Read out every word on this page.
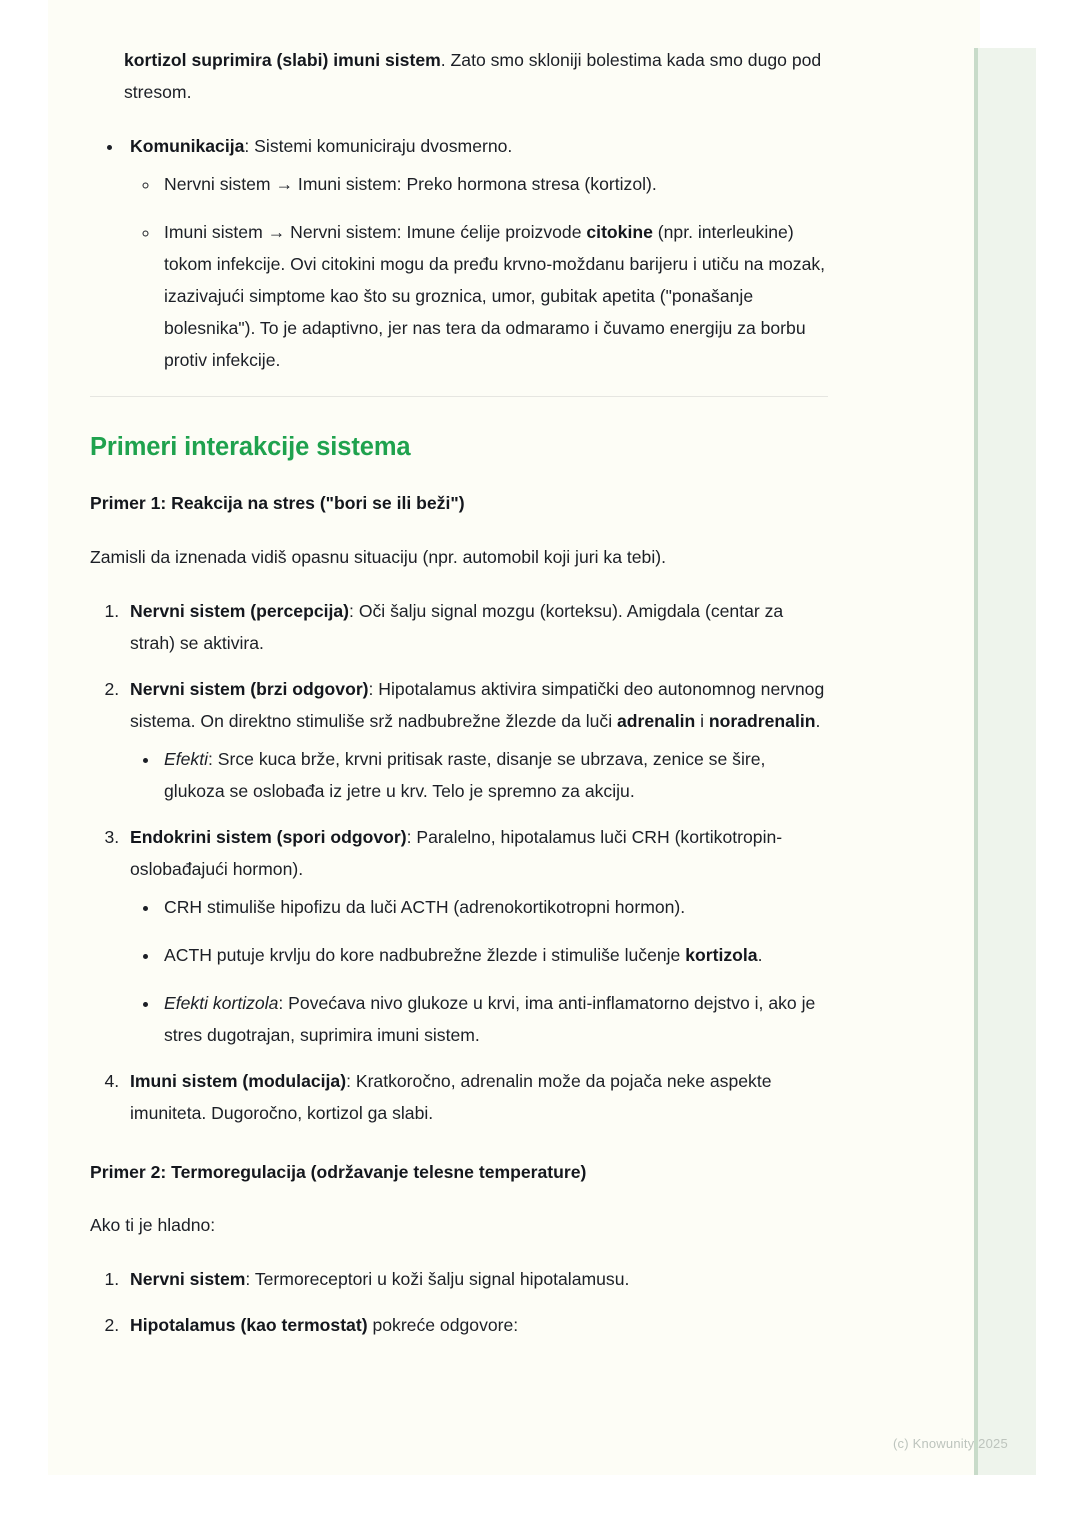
kortizol suprimira (slabi) imuni sistem. Zato smo skloniji bolestima kada smo dugo pod stresom.

• Komunikacija: Sistemi komuniciraju dvosmerno.
◦ Nervni sistem → Imuni sistem: Preko hormona stresa (kortizol).
◦ Imuni sistem → Nervni sistem: Imune ćelije proizvode citokine (npr. interleukine) tokom infekcije. Ovi citokini mogu da pređu krvno-moždanu barijeru i utiču na mozak, izazivajući simptome kao što su groznica, umor, gubitak apetita ("ponašanje bolesnika"). To je adaptivno, jer nas tera da odmaramo i čuvamo energiju za borbu protiv infekcije.
Primeri interakcije sistema
Primer 1: Reakcija na stres ("bori se ili beži")

Zamisli da iznenada vidiš opasnu situaciju (npr. automobil koji juri ka tebi).

1. Nervni sistem (percepcija): Oči šalju signal mozgu (korteksu). Amigdala (centar za strah) se aktivira.
2. Nervni sistem (brzi odgovor): Hipotalamus aktivira simpatički deo autonomnog nervnog sistema. On direktno stimuliše srž nadbubrežne žlezde da luči adrenalin i noradrenalin.
• Efekti: Srce kuca brže, krvni pritisak raste, disanje se ubrzava, zenice se šire, glukoza se oslobađa iz jetre u krv. Telo je spremno za akciju.
3. Endokrini sistem (spori odgovor): Paralelno, hipotalamus luči CRH (kortikotropin-oslobađajući hormon).
• CRH stimuliše hipofizu da luči ACTH (adrenokortikotropni hormon).
• ACTH putuje krvlju do kore nadbubrežne žlezde i stimuliše lučenje kortizola.
• Efekti kortizola: Povećava nivo glukoze u krvi, ima anti-inflamatorno dejstvo i, ako je stres dugotrajan, suprimira imuni sistem.
4. Imuni sistem (modulacija): Kratkoročno, adrenalin može da pojača neke aspekte imuniteta. Dugoročno, kortizol ga slabi.
Primer 2: Termoregulacija (održavanje telesne temperature)

Ako ti je hladno:

1. Nervni sistem: Termoreceptori u koži šalju signal hipotalamusu.
2. Hipotalamus (kao termostat) pokreće odgovore:
(c) Knowunity 2025
